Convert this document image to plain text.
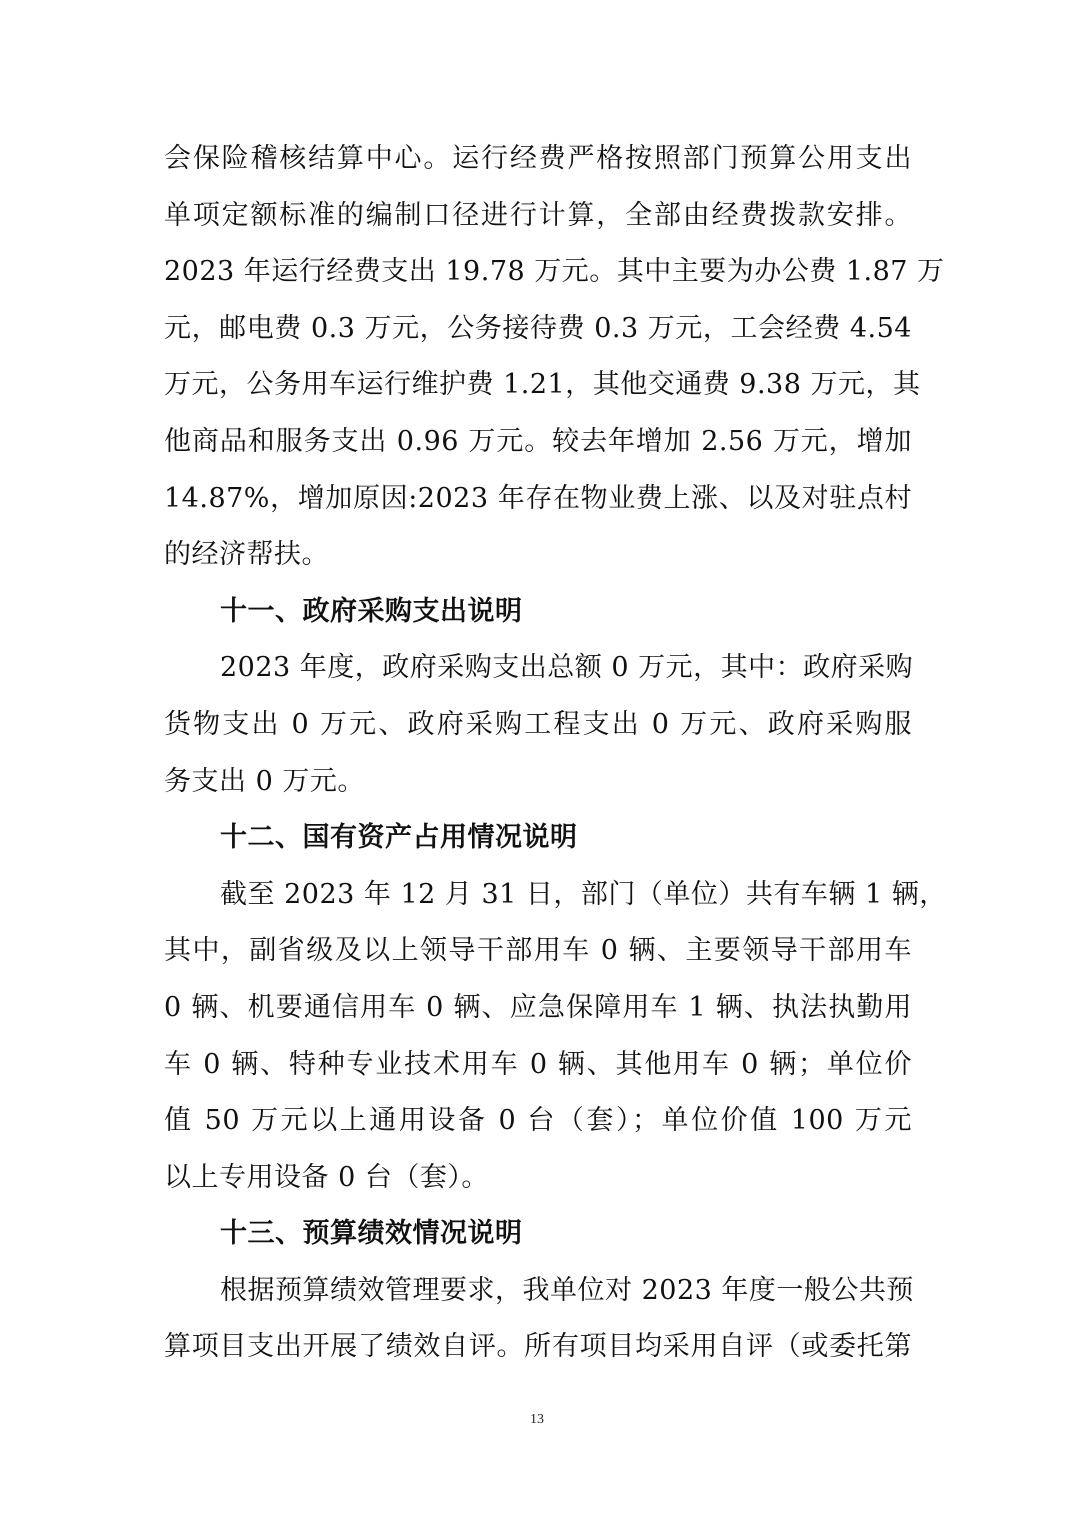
会保险稽核结算中心。运行经费严格按照部门预算公用支出
单项定额标准的编制口径进行计算，全部由经费拨款安排。
2023 年运行经费支出 19.78 万元。其中主要为办公费 1.87 万
元，邮电费 0.3 万元，公务接待费 0.3 万元，工会经费 4.54
万元，公务用车运行维护费 1.21，其他交通费 9.38 万元，其
他商品和服务支出 0.96 万元。较去年增加 2.56 万元，增加
14.87%，增加原因:2023 年存在物业费上涨、以及对驻点村
的经济帮扶。
十一、政府采购支出说明
2023 年度，政府采购支出总额 0 万元，其中：政府采购
货物支出 0 万元、政府采购工程支出 0 万元、政府采购服
务支出 0 万元。
十二、国有资产占用情况说明
截至 2023 年 12 月 31 日，部门（单位）共有车辆 1 辆，
其中，副省级及以上领导干部用车 0 辆、主要领导干部用车
0 辆、机要通信用车 0 辆、应急保障用车 1 辆、执法执勤用
车 0 辆、特种专业技术用车 0 辆、其他用车 0 辆；单位价
值 50 万元以上通用设备 0 台（套）；单位价值 100 万元
以上专用设备 0 台（套）。
十三、预算绩效情况说明
根据预算绩效管理要求，我单位对 2023 年度一般公共预
算项目支出开展了绩效自评。所有项目均采用自评（或委托第
13
